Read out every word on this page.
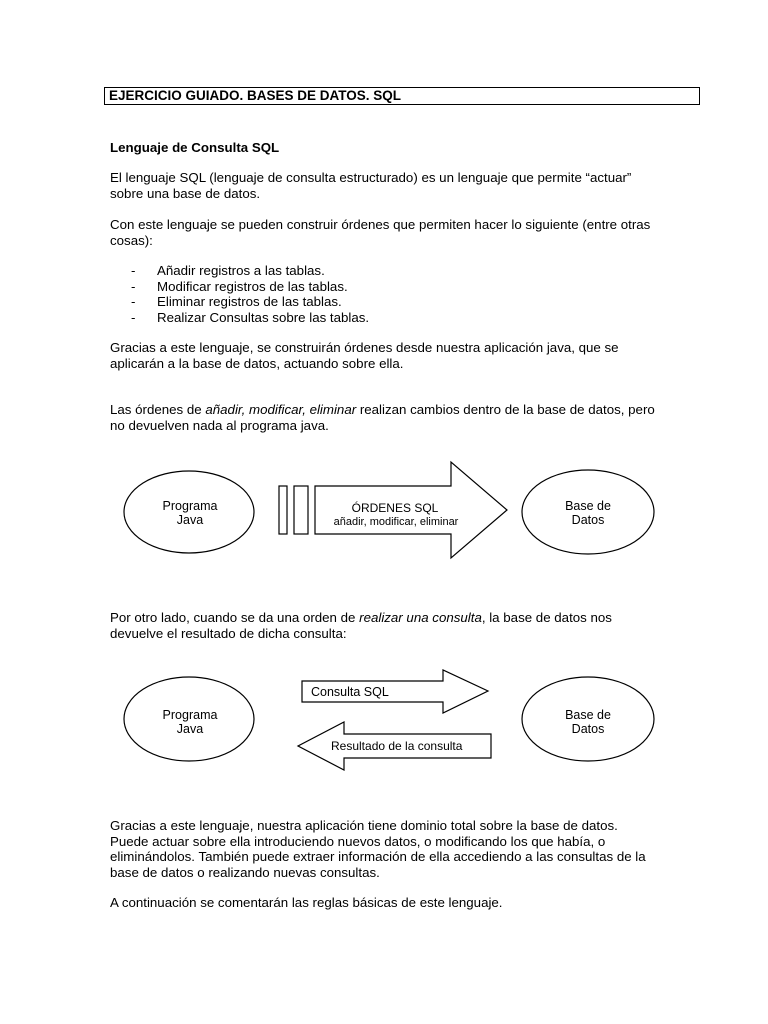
EJERCICIO GUIADO. BASES DE DATOS. SQL
Lenguaje de Consulta SQL
El lenguaje SQL (lenguaje de consulta estructurado) es un lenguaje que permite “actuar”
sobre una base de datos.
Con este lenguaje se pueden construir órdenes que permiten hacer lo siguiente (entre otras
cosas):
- Añadir registros a las tablas.
- Modificar registros de las tablas.
- Eliminar registros de las tablas.
- Realizar Consultas sobre las tablas.
Gracias a este lenguaje, se construirán órdenes desde nuestra aplicación java, que se
aplicarán a la base de datos, actuando sobre ella.
Las órdenes de añadir, modificar, eliminar realizan cambios dentro de la base de datos, pero
no devuelven nada al programa java.
Programa
Java
ÓRDENES SQL
añadir, modificar, eliminar
Base de
Datos
Programa
Java
Consulta SQL
Resultado de la consulta
Base de
Datos
Por otro lado, cuando se da una orden de realizar una consulta, la base de datos nos
devuelve el resultado de dicha consulta:
Gracias a este lenguaje, nuestra aplicación tiene dominio total sobre la base de datos.
Puede actuar sobre ella introduciendo nuevos datos, o modificando los que había, o
eliminándolos. También puede extraer información de ella accediendo a las consultas de la
base de datos o realizando nuevas consultas.
A continuación se comentarán las reglas básicas de este lenguaje.
